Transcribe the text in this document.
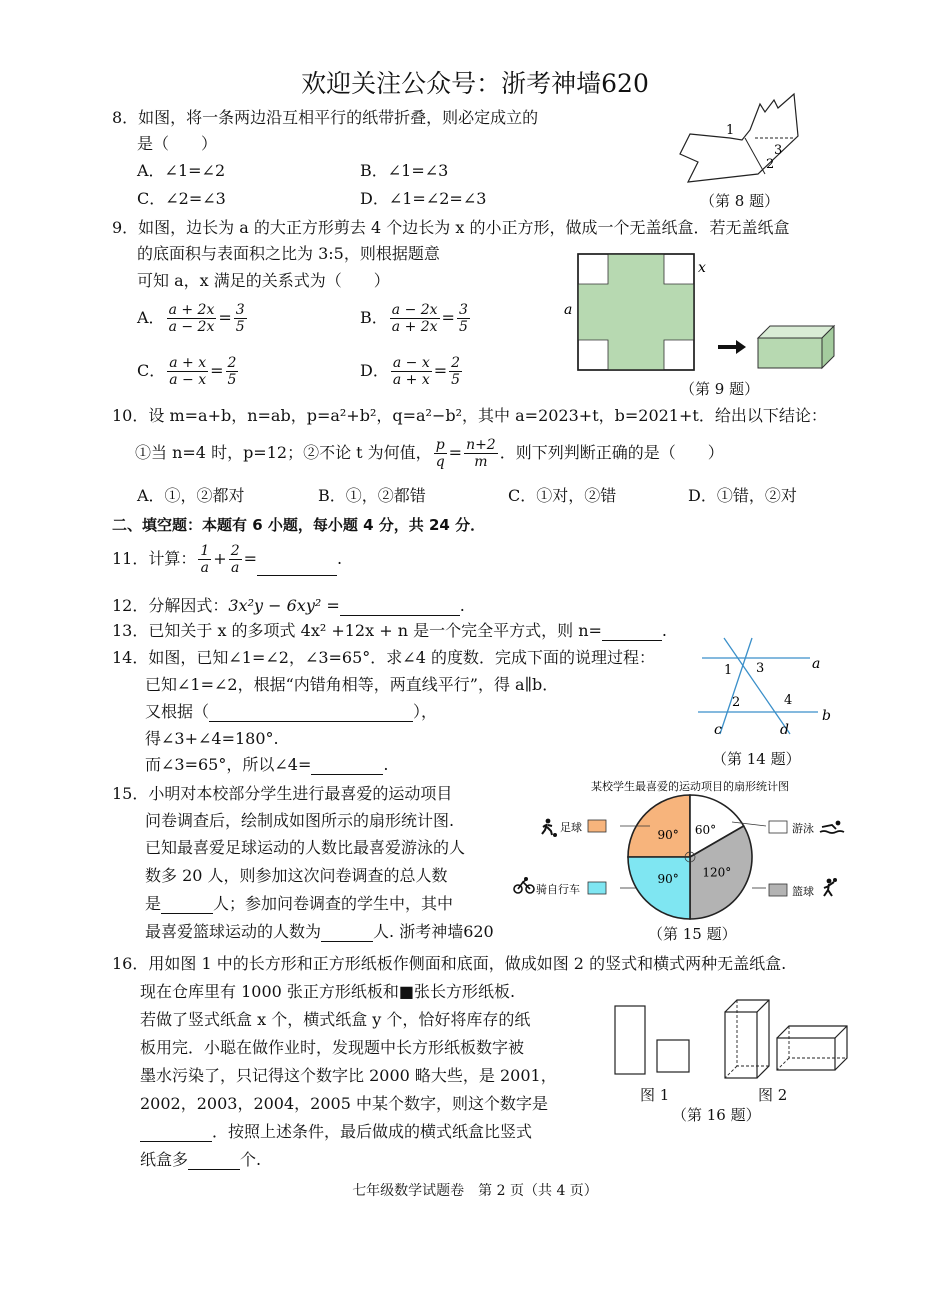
欢迎关注公众号：浙考神墙620
8．如图，将一条两边沿互相平行的纸带折叠，则必定成立的
是（　　）
A．∠1=∠2	B．∠1=∠3
C．∠2=∠3	D．∠1=∠2=∠3
1
2
3
（第 8 题）
9．如图，边长为 a 的大正方形剪去 4 个边长为 x 的小正方形，做成一个无盖纸盒．若无盖纸盒
的底面积与表面积之比为 3:5，则根据题意
可知 a，x 满足的关系式为（　　）
A． $\frac{a + 2x}{a - 2x} = \frac{3}{5}$	B． $\frac{a - 2x}{a + 2x} = \frac{3}{5}$
C． $\frac{a + x}{a - x} = \frac{2}{5}$	D． $\frac{a - x}{a + x} = \frac{2}{5}$
x
a
（第 9 题）
10．设 m=a+b，n=ab，p=a²+b²，q=a²−b²，其中 a=2023+t，b=2021+t．给出以下结论：
①当 n=4 时，p=12；②不论 t 为何值， $\frac{p}{q} = \frac{n+2}{m}$ ．则下列判断正确的是（　　）
A．①，②都对	B．①，②都错	C．①对，②错	D．①错，②对
二、填空题：本题有 6 小题，每小题 4 分，共 24 分．
11．计算： $\frac{1}{a} + \frac{2}{a}$ =	.
12．分解因式：3x²y − 6xy² =	.
13．已知关于 x 的多项式 4x² +12x + n 是一个完全平方式，则 n=	.
14．如图，已知∠1=∠2，∠3=65°．求∠4 的度数．完成下面的说理过程：
已知∠1=∠2，根据“内错角相等，两直线平行”，得 a∥b．
又根据（	），
得∠3+∠4=180°.
而∠3=65°，所以∠4=	.
1 3
2	4
a
b
c	d
（第 14 题）
15．小明对本校部分学生进行最喜爱的运动项目
问卷调查后，绘制成如图所示的扇形统计图.
已知最喜爱足球运动的人数比最喜爱游泳的人
数多 20 人，则参加这次问卷调查的总人数
是	人；参加问卷调查的学生中，其中
最喜爱篮球运动的人数为	人. 浙考神墙620
某校学生最喜爱的运动项目的扇形统计图
90° 60°
120°
90°
足球
骑自行车
游泳
篮球
（第 15 题）
16．用如图 1 中的长方形和正方形纸板作侧面和底面，做成如图 2 的竖式和横式两种无盖纸盒.
现在仓库里有 1000 张正方形纸板和■张长方形纸板.
若做了竖式纸盒 x 个，横式纸盒 y 个，恰好将库存的纸
板用完．小聪在做作业时，发现题中长方形纸板数字被
墨水污染了，只记得这个数字比 2000 略大些，是 2001，
2002，2003，2004，2005 中某个数字，则这个数字是
．按照上述条件，最后做成的横式纸盒比竖式
纸盒多	个.
图 1	图 2
（第 16 题）
七年级数学试题卷　第 2 页（共 4 页）
